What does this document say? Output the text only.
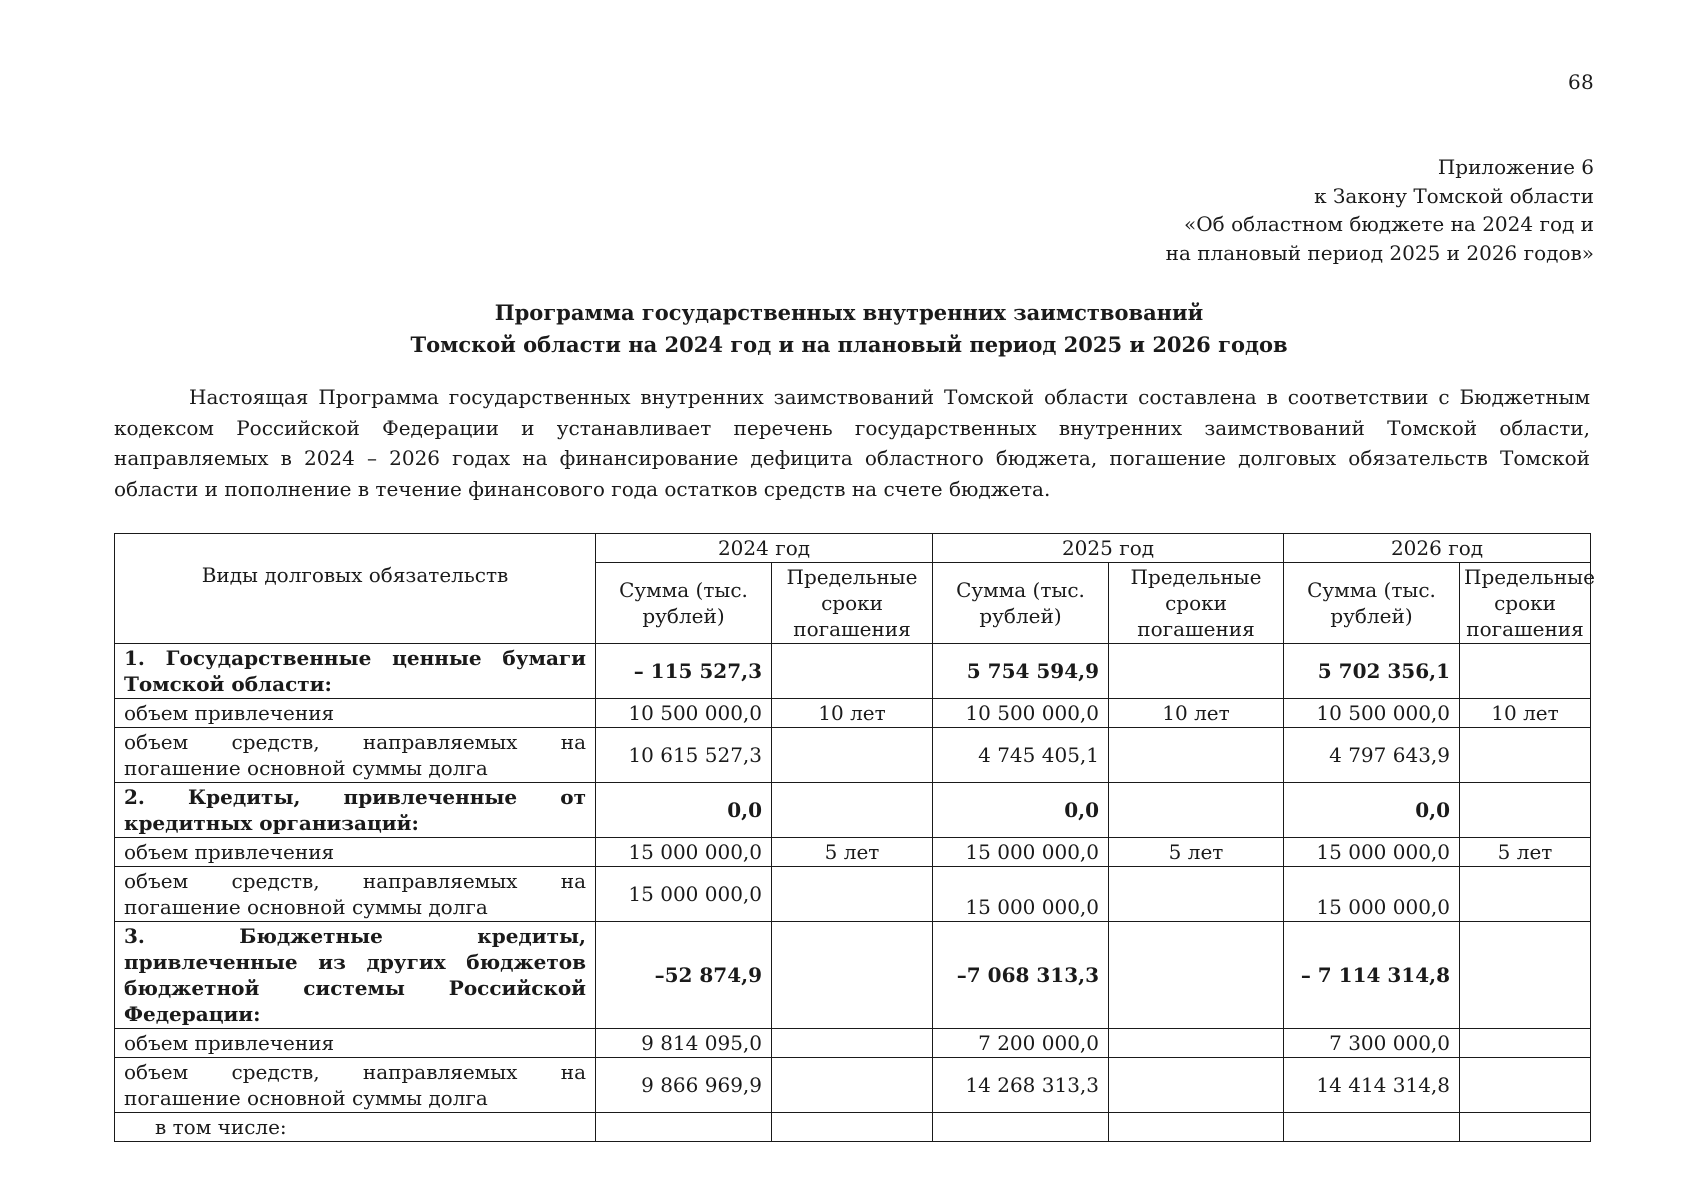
68
Приложение 6
к Закону Томской области
«Об областном бюджете на 2024 год и
на плановый период 2025 и 2026 годов»
Программа государственных внутренних заимствований
Томской области на 2024 год и на плановый период 2025 и 2026 годов

Настоящая Программа государственных внутренних заимствований Томской области составлена в соответствии с Бюджетным кодексом Российской Федерации и устанавливает перечень государственных внутренних заимствований Томской области, направляемых в 2024 – 2026 годах на финансирование дефицита областного бюджета, погашение долговых обязательств Томской области и пополнение в течение финансового года остатков средств на счете бюджета.

Виды долговых обязательств	2024 год		2025 год		2026 год	
	Сумма (тыс. рублей)	Предельные сроки погашения	Сумма (тыс. рублей)	Предельные сроки погашения	Сумма (тыс. рублей)	Предельные сроки погашения
1. Государственные ценные бумаги Томской области:	– 115 527,3		5 754 594,9		5 702 356,1	
объем привлечения	10 500 000,0	10 лет	10 500 000,0	10 лет	10 500 000,0	10 лет
объем средств, направляемых на погашение основной суммы долга	10 615 527,3		4 745 405,1		4 797 643,9	
2. Кредиты, привлеченные от кредитных организаций:	0,0		0,0		0,0	
объем привлечения	15 000 000,0	5 лет	15 000 000,0	5 лет	15 000 000,0	5 лет
объем средств, направляемых на погашение основной суммы долга	15 000 000,0		15 000 000,0		15 000 000,0	
3. Бюджетные кредиты, привлеченные из других бюджетов бюджетной системы Российской Федерации:	–52 874,9		–7 068 313,3		– 7 114 314,8	
объем привлечения	9 814 095,0		7 200 000,0		7 300 000,0	
объем средств, направляемых на погашение основной суммы долга	9 866 969,9		14 268 313,3		14 414 314,8	
в том числе:						
